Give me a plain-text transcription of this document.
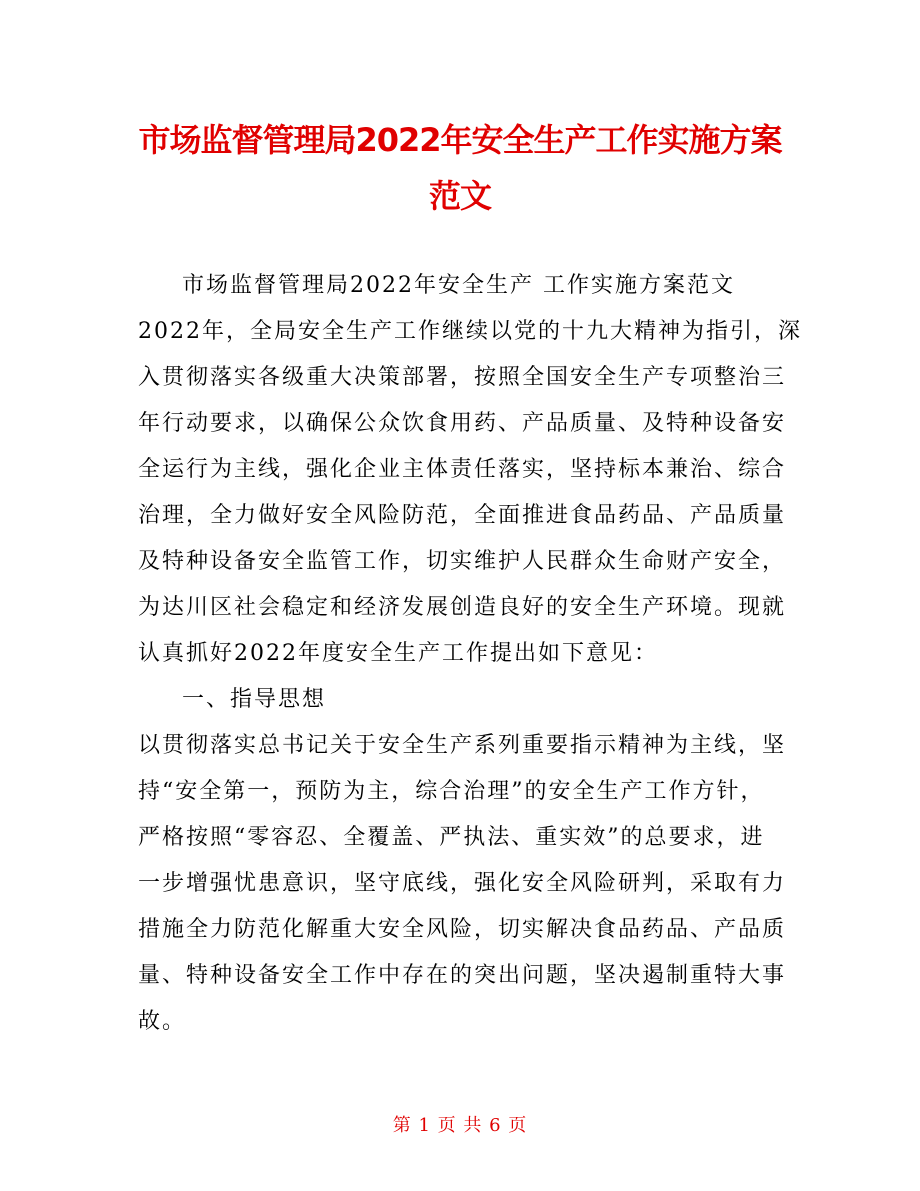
市场监督管理局2022年安全生产工作实施方案
范文

市场监督管理局2022年安全生产 工作实施方案范文

2022年，全局安全生产工作继续以党的十九大精神为指引，深

入贯彻落实各级重大决策部署，按照全国安全生产专项整治三

年行动要求，以确保公众饮食用药、产品质量、及特种设备安

全运行为主线，强化企业主体责任落实，坚持标本兼治、综合

治理，全力做好安全风险防范，全面推进食品药品、产品质量

及特种设备安全监管工作，切实维护人民群众生命财产安全，

为达川区社会稳定和经济发展创造良好的安全生产环境。现就

认真抓好2022年度安全生产工作提出如下意见：

一、指导思想

以贯彻落实总书记关于安全生产系列重要指示精神为主线，坚

持“安全第一，预防为主，综合治理”的安全生产工作方针，

严格按照“零容忍、全覆盖、严执法、重实效”的总要求，进

一步增强忧患意识，坚守底线，强化安全风险研判，采取有力

措施全力防范化解重大安全风险，切实解决食品药品、产品质

量、特种设备安全工作中存在的突出问题，坚决遏制重特大事

故。

第 1 页 共 6 页
